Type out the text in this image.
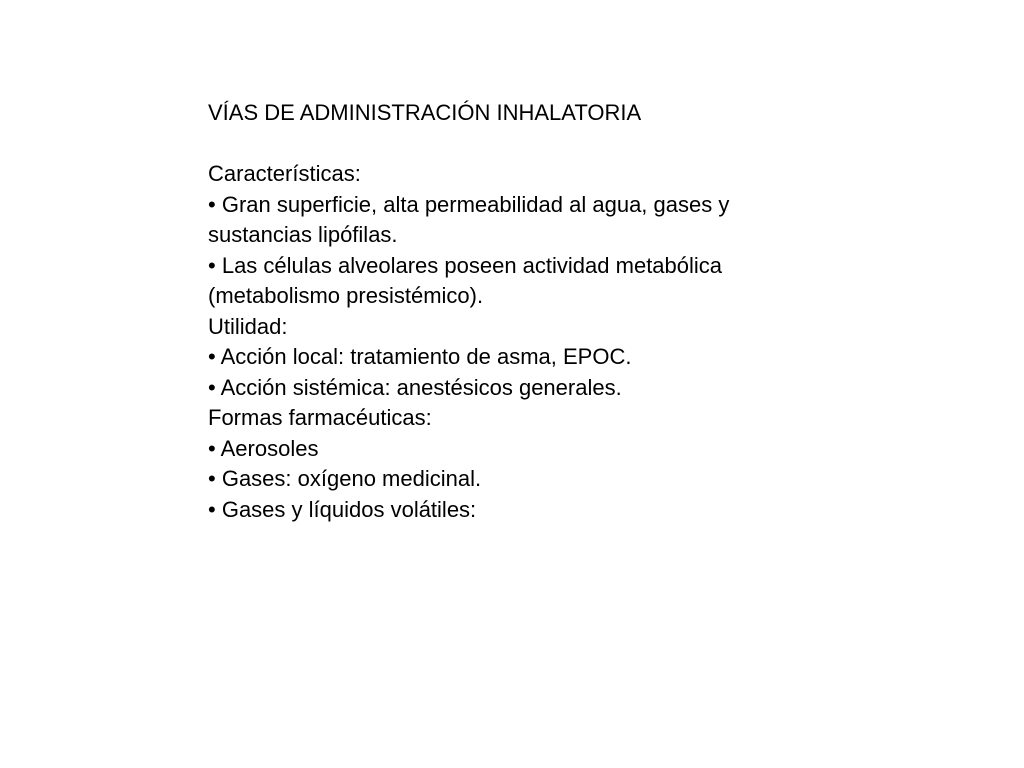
VÍAS DE ADMINISTRACIÓN INHALATORIA

Características:

• Gran superficie, alta permeabilidad al agua, gases y sustancias lipófilas.

• Las células alveolares poseen actividad metabólica (metabolismo presistémico).

Utilidad:

• Acción local: tratamiento de asma, EPOC.

• Acción sistémica: anestésicos generales.

Formas farmacéuticas:

• Aerosoles

• Gases: oxígeno medicinal.

• Gases y líquidos volátiles:
